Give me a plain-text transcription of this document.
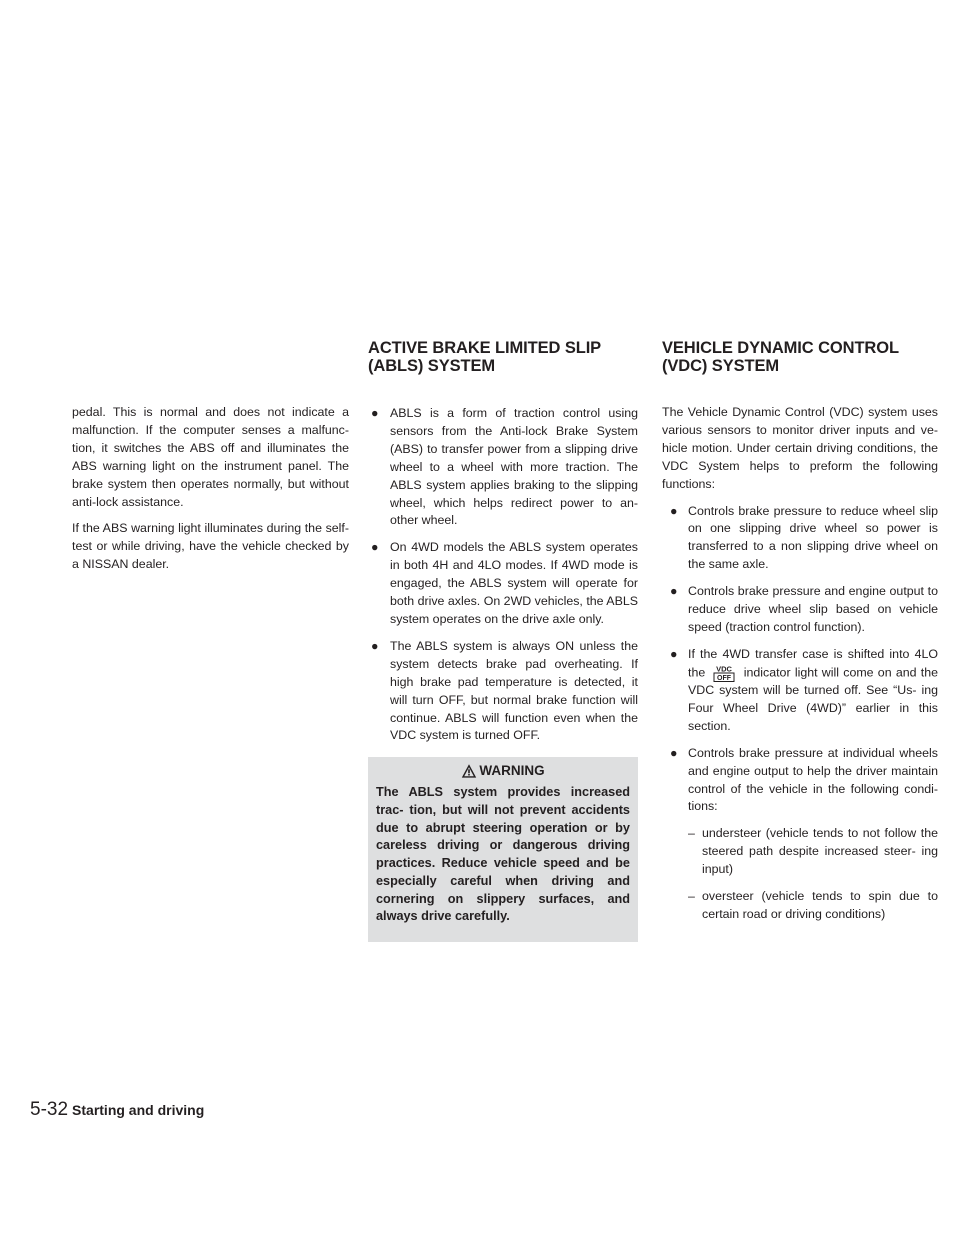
pedal. This is normal and does not indicate a malfunction. If the computer senses a malfunc- tion, it switches the ABS off and illuminates the ABS warning light on the instrument panel. The brake system then operates normally, but without anti-lock assistance.

If the ABS warning light illuminates during the self-test or while driving, have the vehicle checked by a NISSAN dealer.

ACTIVE BRAKE LIMITED SLIP (ABLS) SYSTEM
● ABLS is a form of traction control using sensors from the Anti-lock Brake System (ABS) to transfer power from a slipping drive wheel to a wheel with more traction. The ABLS system applies braking to the slipping wheel, which helps redirect power to an- other wheel.
● On 4WD models the ABLS system operates in both 4H and 4LO modes. If 4WD mode is engaged, the ABLS system will operate for both drive axles. On 2WD vehicles, the ABLS system operates on the drive axle only.
● The ABLS system is always ON unless the system detects brake pad overheating. If high brake pad temperature is detected, it will turn OFF, but normal brake function will continue. ABLS will function even when the VDC system is turned OFF.
WARNING
The ABLS system provides increased trac- tion, but will not prevent accidents due to abrupt steering operation or by careless driving or dangerous driving practices. Reduce vehicle speed and be especially careful when driving and cornering on slippery surfaces, and always drive carefully.
VEHICLE DYNAMIC CONTROL (VDC) SYSTEM

The Vehicle Dynamic Control (VDC) system uses various sensors to monitor driver inputs and ve- hicle motion. Under certain driving conditions, the VDC System helps to preform the following functions:

● Controls brake pressure to reduce wheel slip on one slipping drive wheel so power is transferred to a non slipping drive wheel on the same axle.
● Controls brake pressure and engine output to reduce drive wheel slip based on vehicle speed (traction control function).
● If the 4WD transfer case is shifted into 4LO the VDC
OFF indicator light will come on and the VDC system will be turned off. See “Us- ing Four Wheel Drive (4WD)” earlier in this section.
● Controls brake pressure at individual wheels and engine output to help the driver maintain control of the vehicle in the following condi- tions:
– understeer (vehicle tends to not follow the steered path despite increased steer- ing input)
– oversteer (vehicle tends to spin due to certain road or driving conditions)
5-32 Starting and driving
